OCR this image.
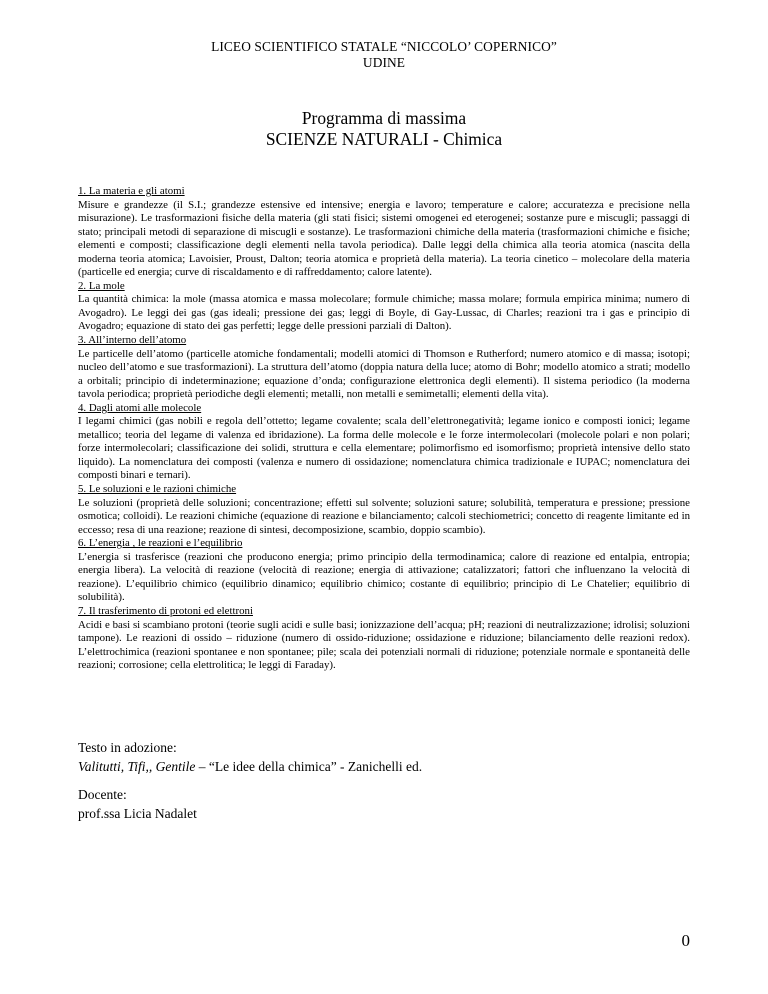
LICEO SCIENTIFICO STATALE “NICCOLO’ COPERNICO”
UDINE
Programma di massima
SCIENZE NATURALI - Chimica

1. La materia e gli atomi

Misure e grandezze (il S.I.; grandezze estensive ed intensive; energia e lavoro; temperature e calore; accuratezza e precisione nella misurazione). Le trasformazioni fisiche della materia (gli stati fisici; sistemi omogenei ed eterogenei; sostanze pure e miscugli; passaggi di stato; principali metodi di separazione di miscugli e sostanze). Le trasformazioni chimiche della materia (trasformazioni chimiche e fisiche; elementi e composti; classificazione degli elementi nella tavola periodica). Dalle leggi della chimica alla teoria atomica (nascita della moderna teoria atomica; Lavoisier, Proust, Dalton; teoria atomica e proprietà della materia). La teoria cinetico – molecolare della materia (particelle ed energia; curve di riscaldamento e di raffreddamento; calore latente).

2. La mole

La quantità chimica: la mole (massa atomica e massa molecolare; formule chimiche; massa molare; formula empirica minima; numero di Avogadro). Le leggi dei gas (gas ideali; pressione dei gas; leggi di Boyle, di Gay-Lussac, di Charles; reazioni tra i gas e principio di Avogadro; equazione di stato dei gas perfetti; legge delle pressioni parziali di Dalton).

3. All’interno dell’atomo

Le particelle dell’atomo (particelle atomiche fondamentali; modelli atomici di Thomson e Rutherford; numero atomico e di massa; isotopi; nucleo dell’atomo e sue trasformazioni). La struttura dell’atomo (doppia natura della luce; atomo di Bohr; modello atomico a strati; modello a orbitali; principio di indeterminazione; equazione d’onda; configurazione elettronica degli elementi). Il sistema periodico (la moderna tavola periodica; proprietà periodiche degli elementi; metalli, non metalli e semimetalli; elementi della vita).

4. Dagli atomi alle molecole

I legami chimici (gas nobili e regola dell’ottetto; legame covalente; scala dell’elettronegatività; legame ionico e composti ionici; legame metallico; teoria del legame di valenza ed ibridazione). La forma delle molecole e le forze intermolecolari (molecole polari e non polari; forze intermolecolari; classificazione dei solidi, struttura e cella elementare; polimorfismo ed isomorfismo; proprietà intensive dello stato liquido). La nomenclatura dei composti (valenza e numero di ossidazione; nomenclatura chimica tradizionale e IUPAC; nomenclatura dei composti binari e ternari).

5. Le soluzioni e le razioni chimiche

Le soluzioni (proprietà delle soluzioni; concentrazione; effetti sul solvente; soluzioni sature; solubilità, temperatura e pressione; pressione osmotica; colloidi). Le reazioni chimiche (equazione di reazione e bilanciamento; calcoli stechiometrici; concetto di reagente limitante ed in eccesso; resa di una reazione; reazione di sintesi, decomposizione, scambio, doppio scambio).

6. L’energia , le reazioni e l’equilibrio

L’energia si trasferisce (reazioni che producono energia; primo principio della termodinamica; calore di reazione ed entalpia, entropia; energia libera). La velocità di reazione (velocità di reazione; energia di attivazione; catalizzatori; fattori che influenzano la velocità di reazione). L’equilibrio chimico (equilibrio dinamico; equilibrio chimico; costante di equilibrio; principio di Le Chatelier; equilibrio di solubilità).

7. Il trasferimento di protoni ed elettroni

Acidi e basi si scambiano protoni (teorie sugli acidi e sulle basi; ionizzazione dell’acqua; pH; reazioni di neutralizzazione; idrolisi; soluzioni tampone). Le reazioni di ossido – riduzione (numero di ossido-riduzione; ossidazione e riduzione; bilanciamento delle reazioni redox). L’elettrochimica (reazioni spontanee e non spontanee; pile; scala dei potenziali normali di riduzione; potenziale normale e spontaneità delle reazioni; corrosione; cella elettrolitica; le leggi di Faraday).

Testo in adozione:
Valitutti, Tifi,, Gentile – “Le idee della chimica” - Zanichelli ed.
Docente:
prof.ssa Licia Nadalet
0
